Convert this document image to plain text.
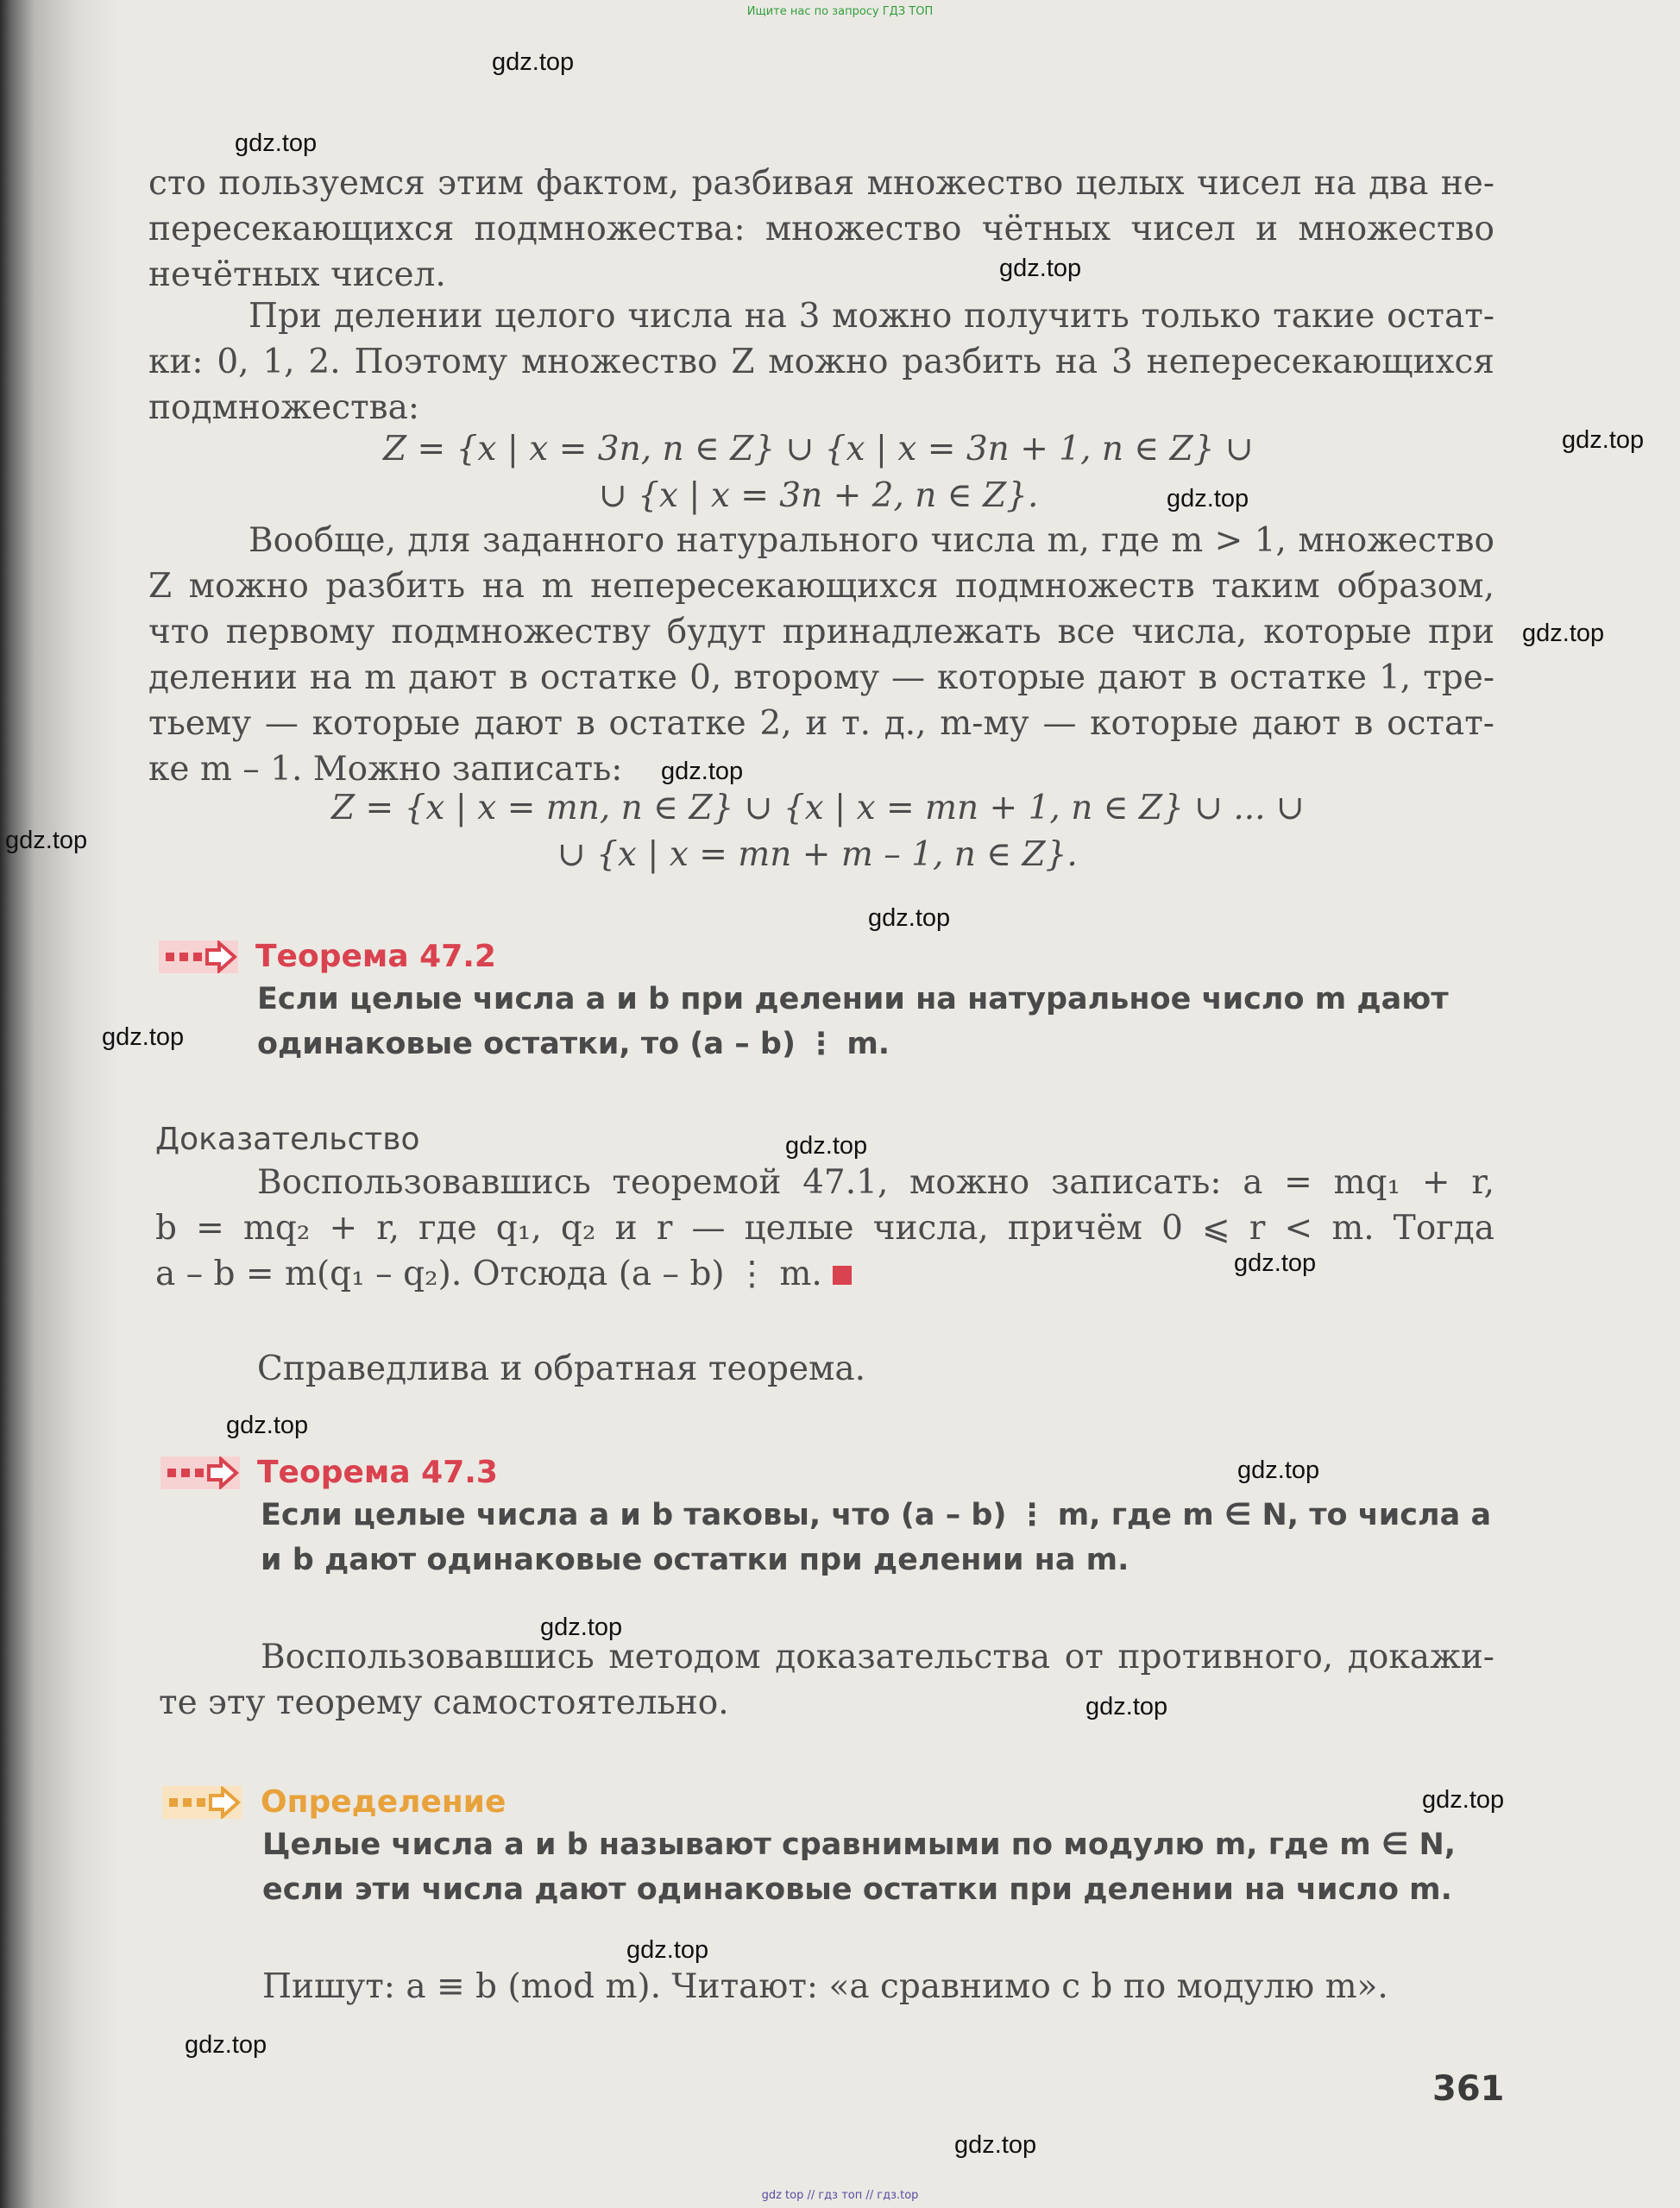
Ищите нас по запросу ГДЗ ТОП
gdz.top
gdz.top
gdz.top
gdz.top
gdz.top
gdz.top
gdz.top
gdz.top
gdz.top
gdz.top
gdz.top
gdz.top
gdz.top
gdz.top
gdz.top
gdz.top
gdz.top
gdz.top
gdz.top
gdz.top
сто пользуемся этим фактом, разбивая множество целых чисел на два не-
пересекающихся подмножества: множество чётных чисел и множество
нечётных чисел.
При делении целого числа на 3 можно получить только такие остат-
ки: 0, 1, 2. Поэтому множество Z можно разбить на 3 непересекающихся
подмножества:
Z = {x | x = 3n, n ∈ Z} ∪ {x | x = 3n + 1, n ∈ Z} ∪
∪ {x | x = 3n + 2, n ∈ Z}.
Вообще, для заданного натурального числа m, где m > 1, множество
Z можно разбить на m непересекающихся подмножеств таким образом,
что первому подмножеству будут принадлежать все числа, которые при
делении на m дают в остатке 0, второму — которые дают в остатке 1, тре-
тьему — которые дают в остатке 2, и т. д., m-му — которые дают в остат-
ке m – 1. Можно записать:
Z = {x | x = mn, n ∈ Z} ∪ {x | x = mn + 1, n ∈ Z} ∪ ... ∪
∪ {x | x = mn + m – 1, n ∈ Z}.
Теорема 47.2
Если целые числа a и b при делении на натуральное число m дают
одинаковые остатки, то (a – b) ⋮ m.
Доказательство
Воспользовавшись теоремой 47.1, можно записать: a = mq₁ + r,
b = mq₂ + r, где q₁, q₂ и r — целые числа, причём 0 ⩽ r < m. Тогда
a – b = m(q₁ – q₂). Отсюда (a – b) ⋮ m.
Справедлива и обратная теорема.
Теорема 47.3
Если целые числа a и b таковы, что (a – b) ⋮ m, где m ∈ N, то числа a
и b дают одинаковые остатки при делении на m.
Воспользовавшись методом доказательства от противного, докажи-
те эту теорему самостоятельно.
Определение
Целые числа a и b называют сравнимыми по модулю m, где m ∈ N,
если эти числа дают одинаковые остатки при делении на число m.
Пишут: a ≡ b (mod m). Читают: «a сравнимо с b по модулю m».
361
gdz top // гдз топ // гдз.top
